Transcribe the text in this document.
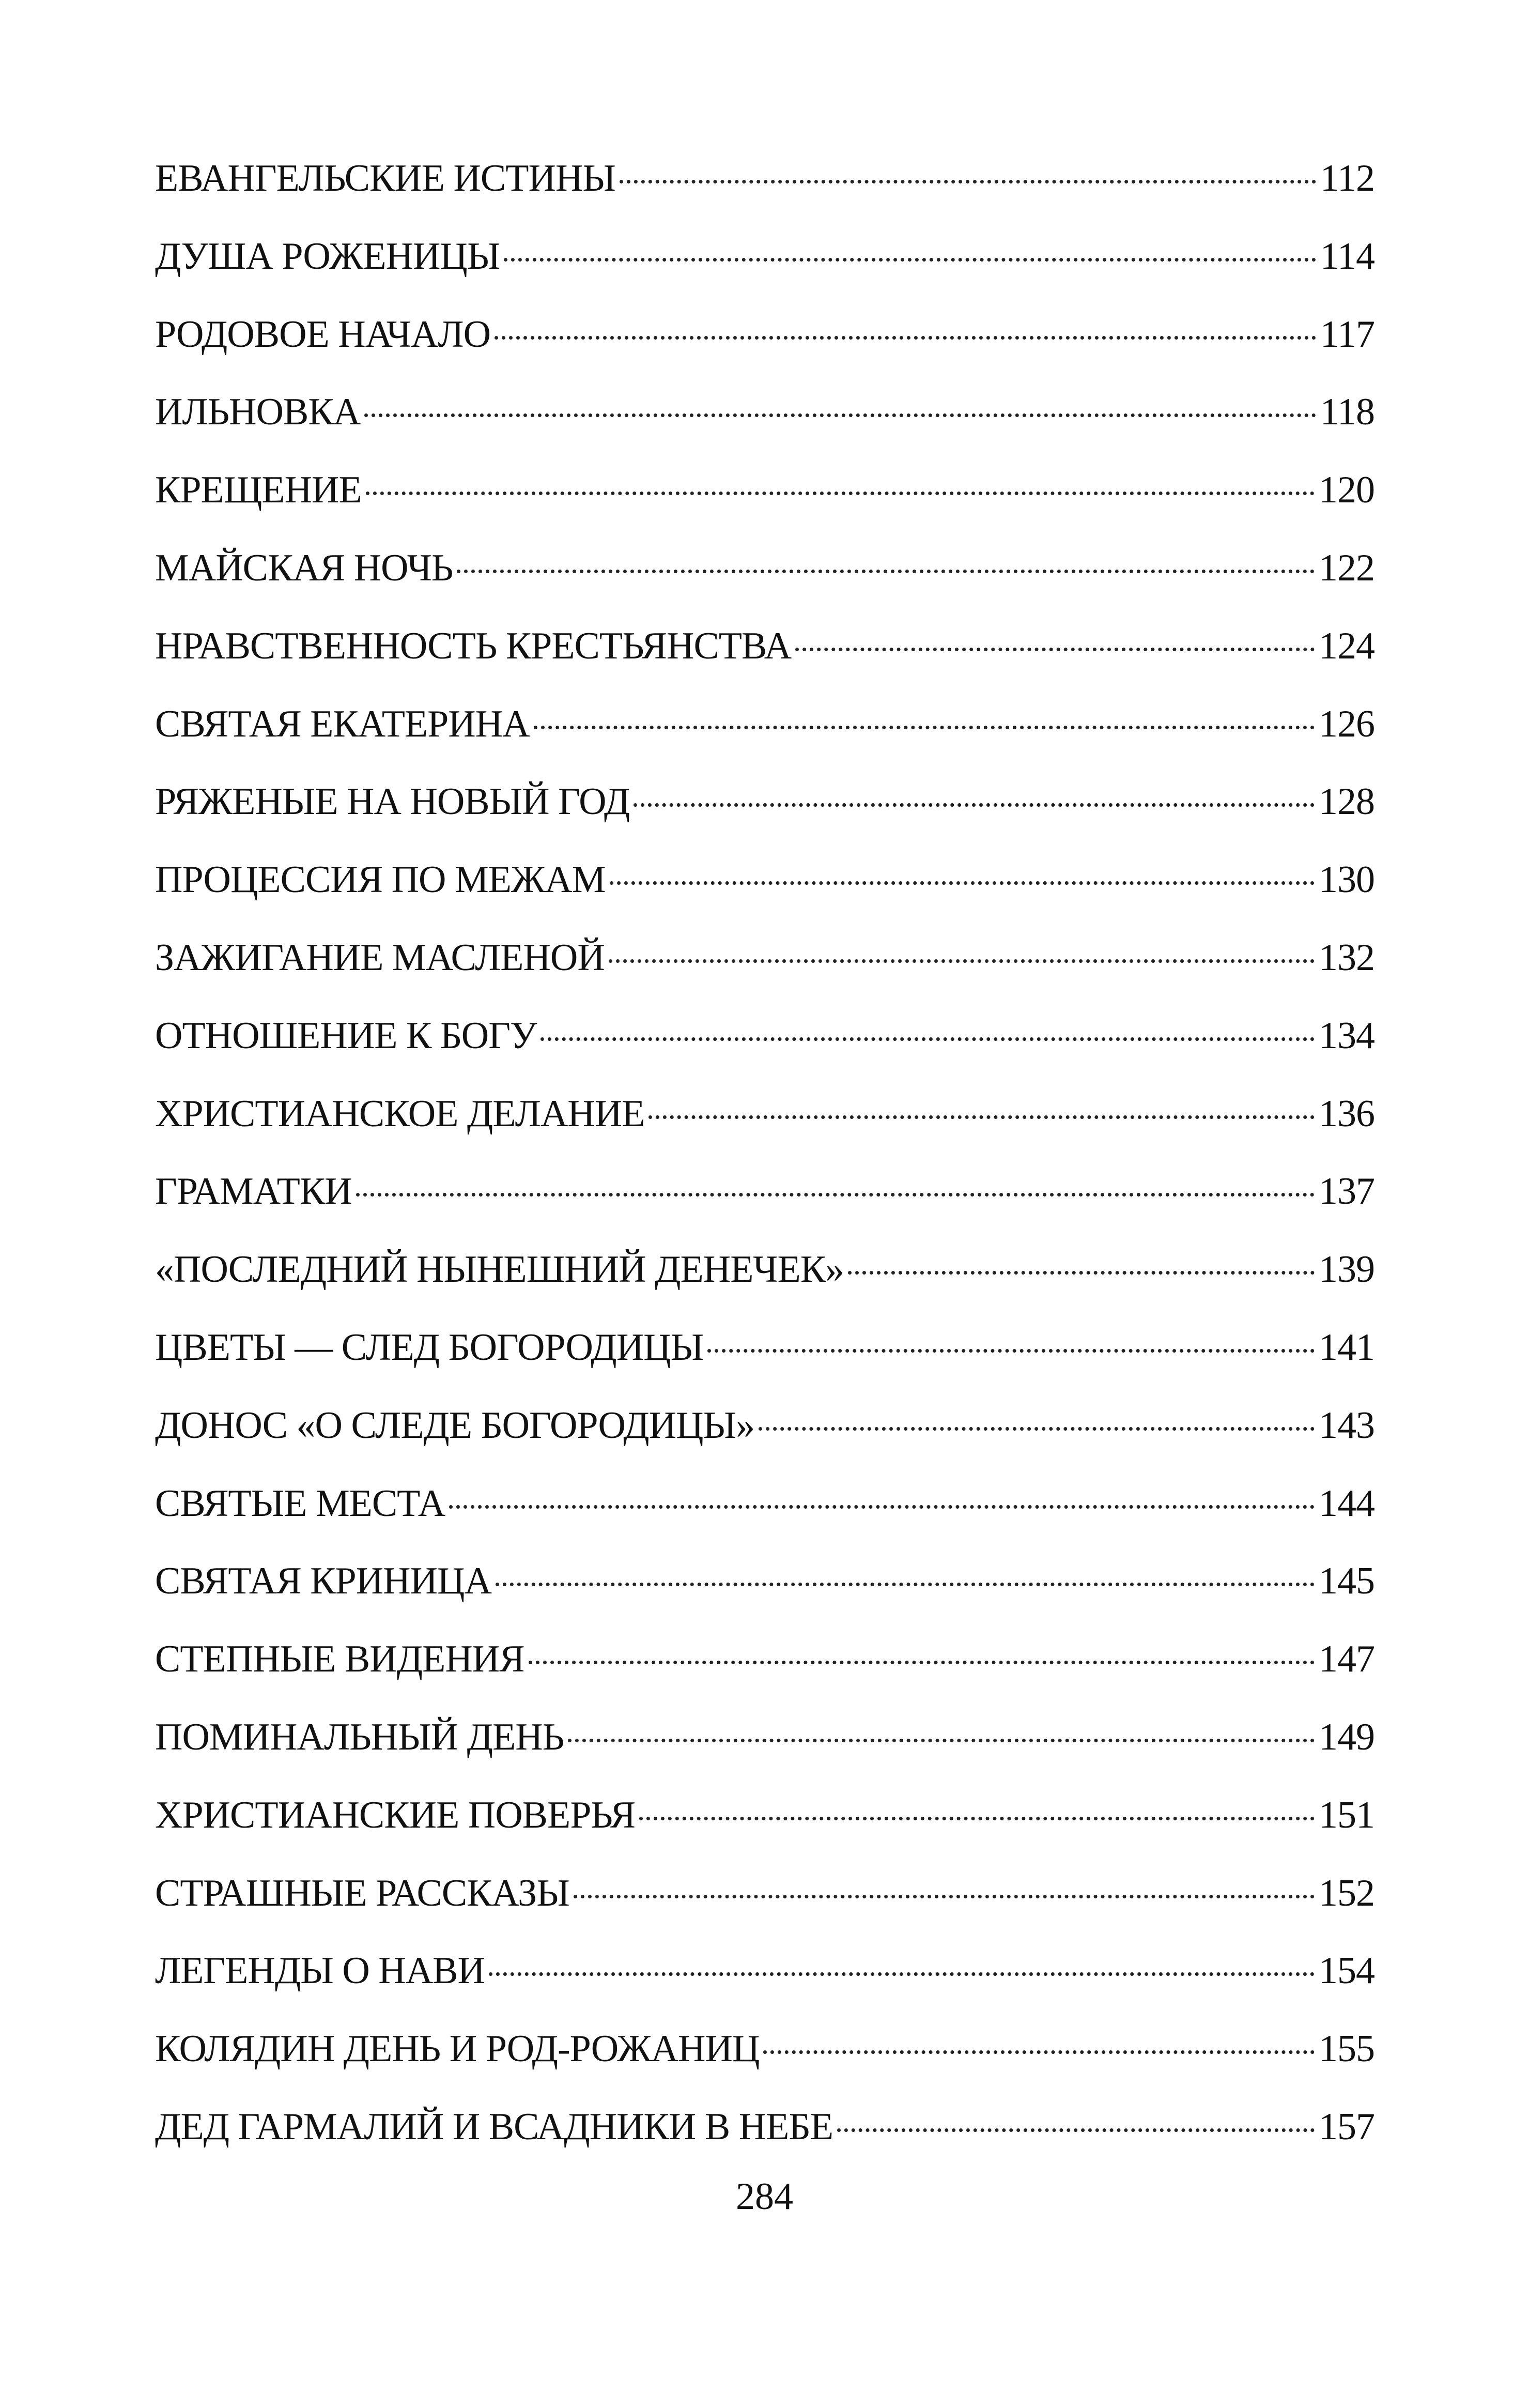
ЕВАНГЕЛЬСКИЕ ИСТИНЫ	112
ДУША РОЖЕНИЦЫ	114
РОДОВОЕ НАЧАЛО	117
ИЛЬНОВКА	118
КРЕЩЕНИЕ	120
МАЙСКАЯ НОЧЬ	122
НРАВСТВЕННОСТЬ КРЕСТЬЯНСТВА	124
СВЯТАЯ ЕКАТЕРИНА	126
РЯЖЕНЫЕ НА НОВЫЙ ГОД	128
ПРОЦЕССИЯ ПО МЕЖАМ	130
ЗАЖИГАНИЕ МАСЛЕНОЙ	132
ОТНОШЕНИЕ К БОГУ	134
ХРИСТИАНСКОЕ ДЕЛАНИЕ	136
ГРАМАТКИ	137
«ПОСЛЕДНИЙ НЫНЕШНИЙ ДЕНЕЧЕК»	139
ЦВЕТЫ — СЛЕД БОГОРОДИЦЫ	141
ДОНОС «О СЛЕДЕ БОГОРОДИЦЫ»	143
СВЯТЫЕ МЕСТА	144
СВЯТАЯ КРИНИЦА	145
СТЕПНЫЕ ВИДЕНИЯ	147
ПОМИНАЛЬНЫЙ ДЕНЬ	149
ХРИСТИАНСКИЕ ПОВЕРЬЯ	151
СТРАШНЫЕ РАССКАЗЫ	152
ЛЕГЕНДЫ О НАВИ	154
КОЛЯДИН ДЕНЬ И РОД-РОЖАНИЦ	155
ДЕД ГАРМАЛИЙ И ВСАДНИКИ В НЕБЕ	157
284
